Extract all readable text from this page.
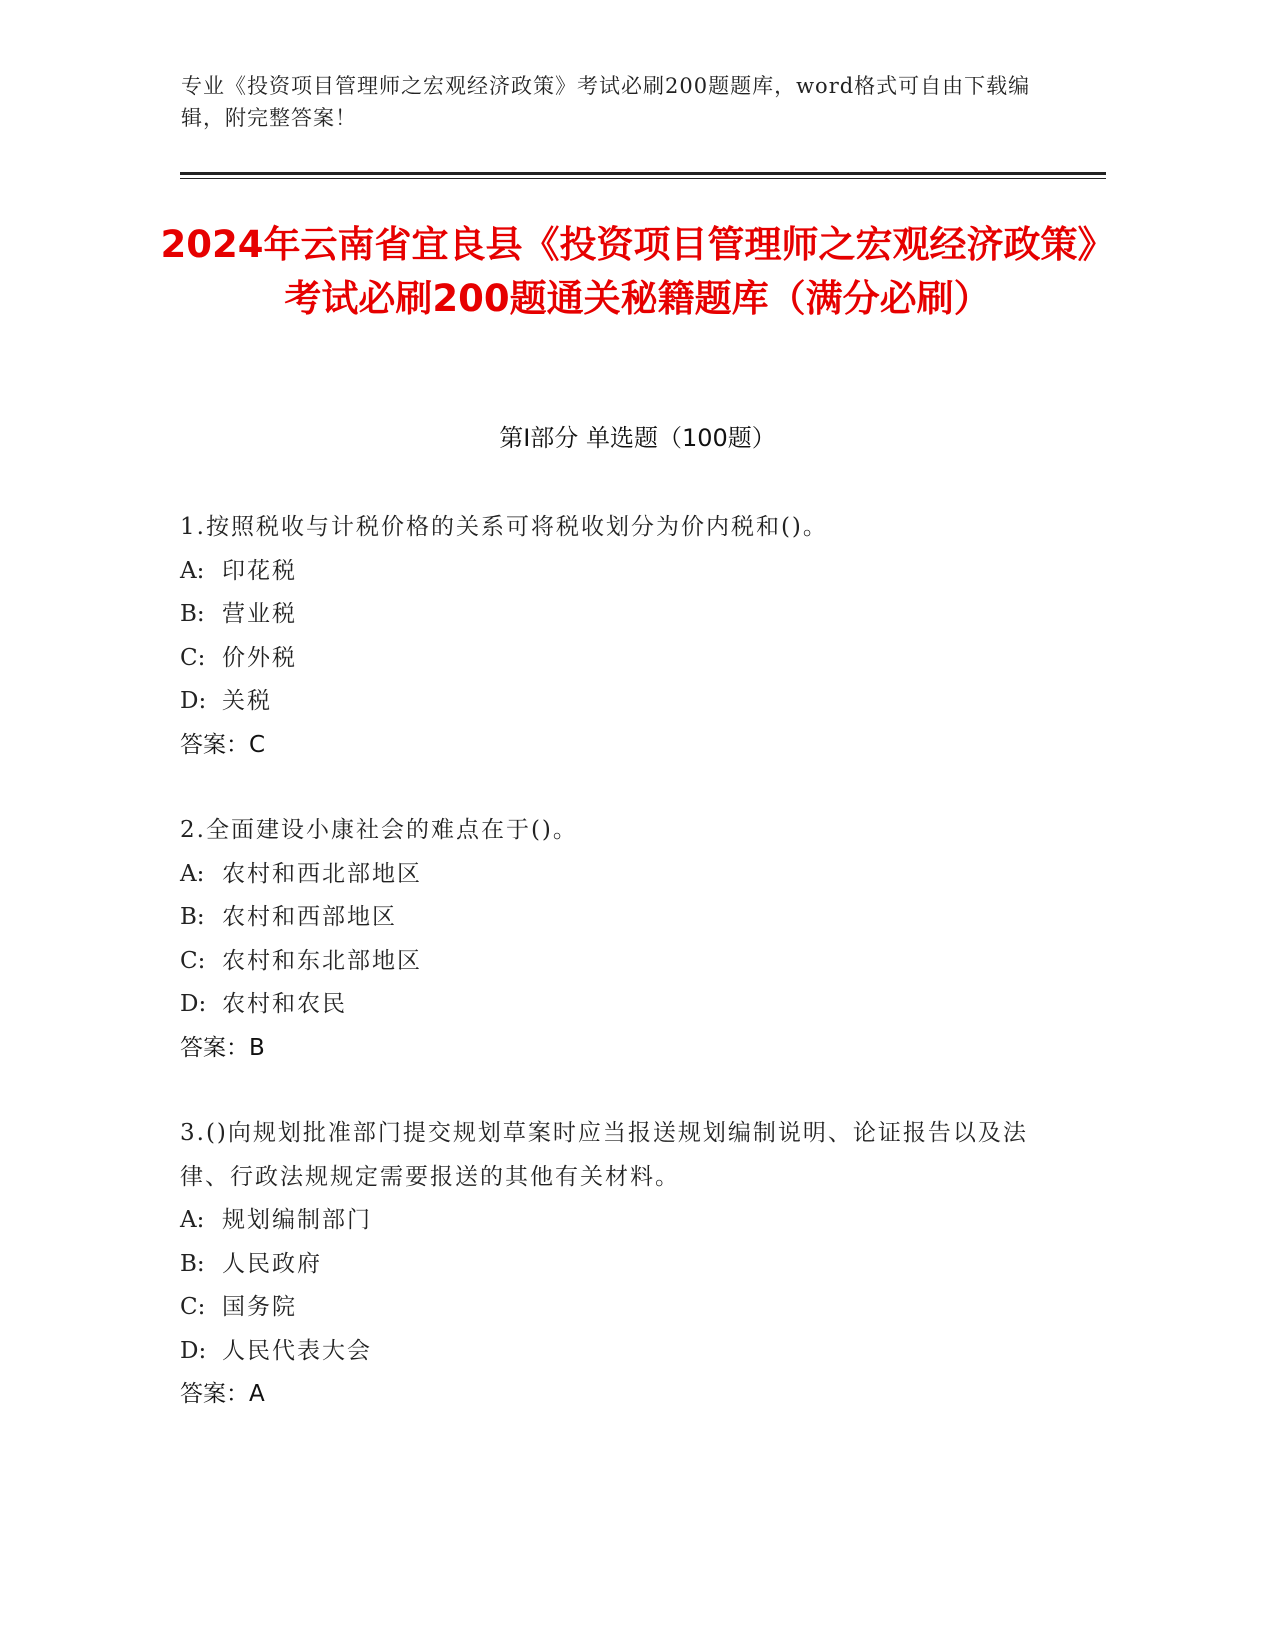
专业《投资项目管理师之宏观经济政策》考试必刷200题题库，word格式可自由下载编辑，附完整答案！
2024年云南省宜良县《投资项目管理师之宏观经济政策》考试必刷200题通关秘籍题库（满分必刷）
第I部分 单选题（100题）
1.按照税收与计税价格的关系可将税收划分为价内税和()。
A: 印花税
B: 营业税
C: 价外税
D: 关税
答案：C
2.全面建设小康社会的难点在于()。
A: 农村和西北部地区
B: 农村和西部地区
C: 农村和东北部地区
D: 农村和农民
答案：B
3.()向规划批准部门提交规划草案时应当报送规划编制说明、论证报告以及法律、行政法规规定需要报送的其他有关材料。
A: 规划编制部门
B: 人民政府
C: 国务院
D: 人民代表大会
答案：A
